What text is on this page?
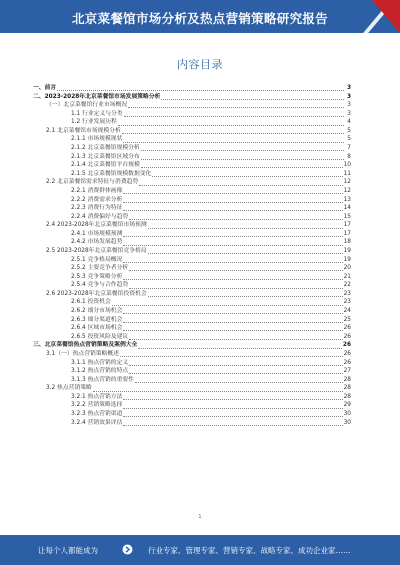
北京菜餐馆市场分析及热点营销策略研究报告
内容目录
一、前言	3
二、2023-2028年北京菜餐馆市场发展策略分析	3
（一）北京菜餐馆行业市场概况	3
1.1 行业定义与分类	3
1.2 行业发展历程	4
2.1 北京菜餐馆市场规模分析	5
2.1.1 市场规模现状	5
2.1.2 北京菜餐馆规模分析	7
2.1.3 北京菜餐馆区域分布	8
2.1.4 北京菜餐馆平台规模	10
2.1.5 北京菜餐馆规模数据变化	11
2.2 北京菜餐馆需求特征与消费趋势	12
2.2.1 消费群体画像	12
2.2.2 消费需求分析	13
2.2.3 消费行为特征	14
2.2.4 消费偏好与趋势	15
2.4 2023-2028年北京菜餐馆市场预测	17
2.4.1 市场规模预测	17
2.4.2 市场发展趋势	18
2.5 2023-2028年北京菜餐馆竞争格局	19
2.5.1 竞争格局概况	19
2.5.2 主要竞争者分析	20
2.5.3 竞争策略分析	21
2.5.4 竞争与合作趋势	22
2.6 2023-2028年北京菜餐馆投资机会	23
2.6.1 投资机会	23
2.6.2 细分市场机会	24
2.6.3 细分渠道机会	25
2.6.4 区域市场机会	26
2.6.5 投资风险及建议	26
三、北京菜餐馆热点营销策略及案例大全	26
3.1（一）热点营销策略概述	26
3.1.1 热点营销的定义	26
3.1.2 热点营销的特点	27
3.1.3 热点营销的重要性	28
3.2 热点营销策略	28
3.2.1 热点营销方法	28
3.2.2 营销策略选择	29
3.2.3 热点营销渠道	30
3.2.4 营销效果评估	30
1
让每个人都能成为	行业专家、管理专家、营销专家、战略专家、成功企业家……
